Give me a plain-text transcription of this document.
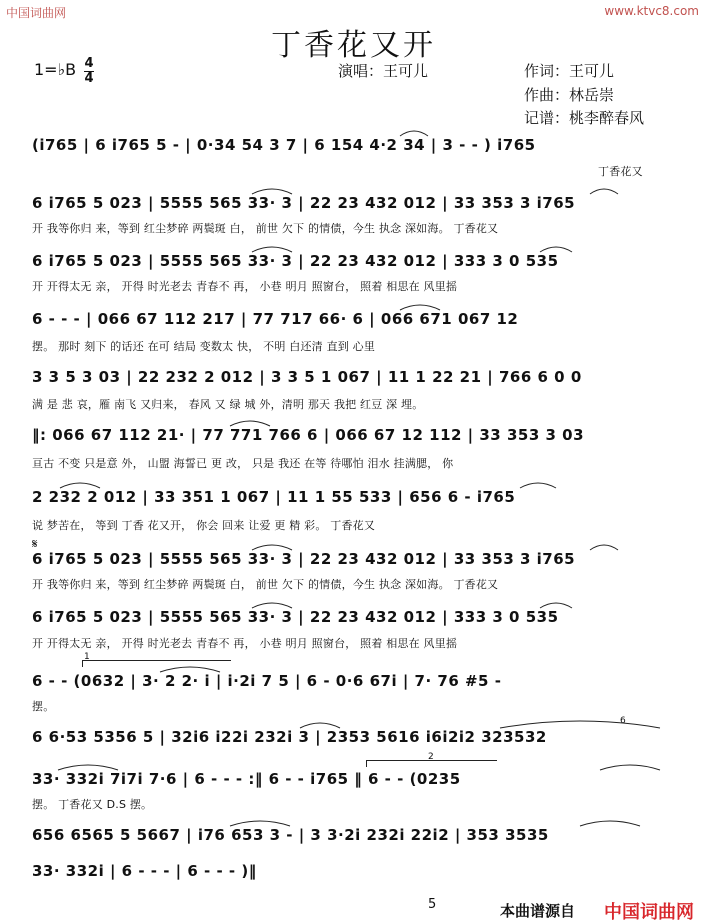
中国词曲网	www.ktvc8.com
丁香花又开
1=♭B 4
4	演唱：王可儿	作词：王可儿
作曲：林岳崇
记谱：桃李醉春风
(i765 | 6 i765 5 - | 0·34 54 3 7 | 6 154 4·2 34 | 3 - - ) i765
丁香花又
6 i765 5 023 | 5555 565 33· 3 | 22 23 432 012 | 33 353 3 i765
开 我等你归 来，等到 红尘梦碎 两鬓斑 白， 前世 欠下 的情债，今生 执念 深如海。 丁香花又
6 i765 5 023 | 5555 565 33· 3 | 22 23 432 012 | 333 3 0 535
开 开得太无 亲， 开得 时光老去 青春不 再， 小巷 明月 照窗台， 照着 相思在 风里摇
6 - - - | 066 67 112 217 | 77 717 66· 6 | 066 671 067 12
摆。 那时 刻下 的话还 在可 结局 变数太 快， 不明 白还清 直到 心里
3 3 5 3 03 | 22 232 2 012 | 3 3 5 1 067 | 11 1 22 21 | 766 6 0 0
满 是 悲 哀，雁 南飞 又归来， 春风 又 绿 城 外，清明 那天 我把 红豆 深 埋。
‖: 066 67 112 21· | 77 771 766 6 | 066 67 12 112 | 33 353 3 03
亘古 不变 只是意 外， 山盟 海誓已 更 改， 只是 我还 在等 待哪怕 泪水 挂满腮， 你
2 232 2 012 | 33 351 1 067 | 11 1 55 533 | 656 6 - i765
说 梦苦在， 等到 丁香 花又开， 你会 回来 让爱 更 精 彩。 丁香花又
𝄋
6 i765 5 023 | 5555 565 33· 3 | 22 23 432 012 | 33 353 3 i765
开 我等你归 来，等到 红尘梦碎 两鬓斑 白， 前世 欠下 的情债，今生 执念 深如海。 丁香花又
6 i765 5 023 | 5555 565 33· 3 | 22 23 432 012 | 333 3 0 535
开 开得太无 亲， 开得 时光老去 青春不 再， 小巷 明月 照窗台， 照着 相思在 风里摇
1
6 - - (0632 | 3· 2 2· i | i·2i 7 5 | 6 - 0·6 67i | 7· 76 #5 -
摆。
6
6 6·53 5356 5 | 32i6 i22i 232i 3 | 2353 5616 i6i2i2 323532
2
33· 332i 7i7i 7·6 | 6 - - - :‖ 6 - - i765 ‖ 6 - - (0235
摆。 丁香花又 D.S 摆。
656 6565 5 5667 | i76 653 3 - | 3 3·2i 232i 22i2 | 353 3535
33· 332i | 6 - - - | 6 - - - )‖
5	本曲谱源自 中国词曲网
